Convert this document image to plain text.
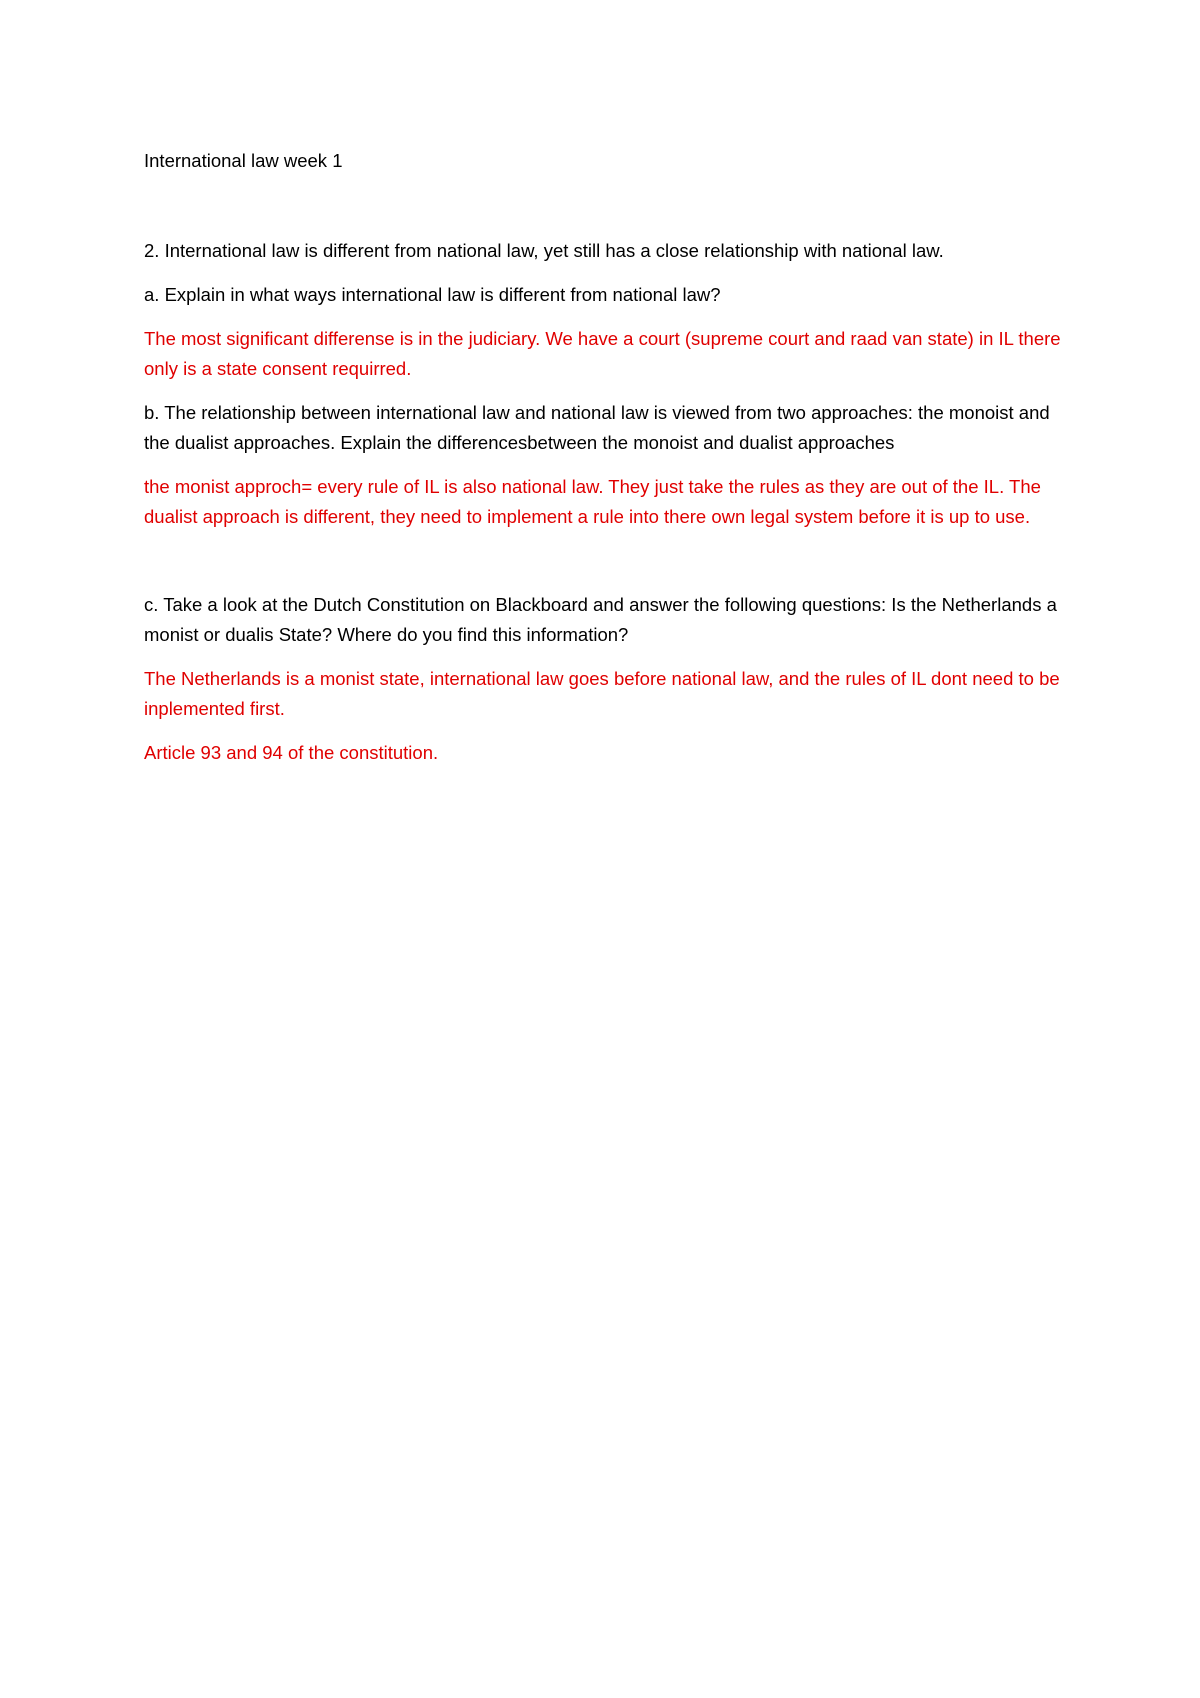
International law week 1

2. International law is different from national law, yet still has a close relationship with national law.

a. Explain in what ways international law is different from national law?

The most significant differense is in the judiciary. We have a court (supreme court and raad van state) in IL there only is a state consent requirred.

b. The relationship between international law and national law is viewed from two approaches: the monoist and the dualist approaches. Explain the differencesbetween the monoist and dualist approaches

the monist approch= every rule of IL is also national law. They just take the rules as they are out of the IL. The dualist approach is different, they need to implement a rule into there own legal system before it is up to use.

c. Take a look at the Dutch Constitution on Blackboard and answer the following questions: Is the Netherlands a monist or dualis State? Where do you find this information?

The Netherlands is a monist state, international law goes before national law, and the rules of IL dont need to be inplemented first.

Article 93 and 94 of the constitution.
